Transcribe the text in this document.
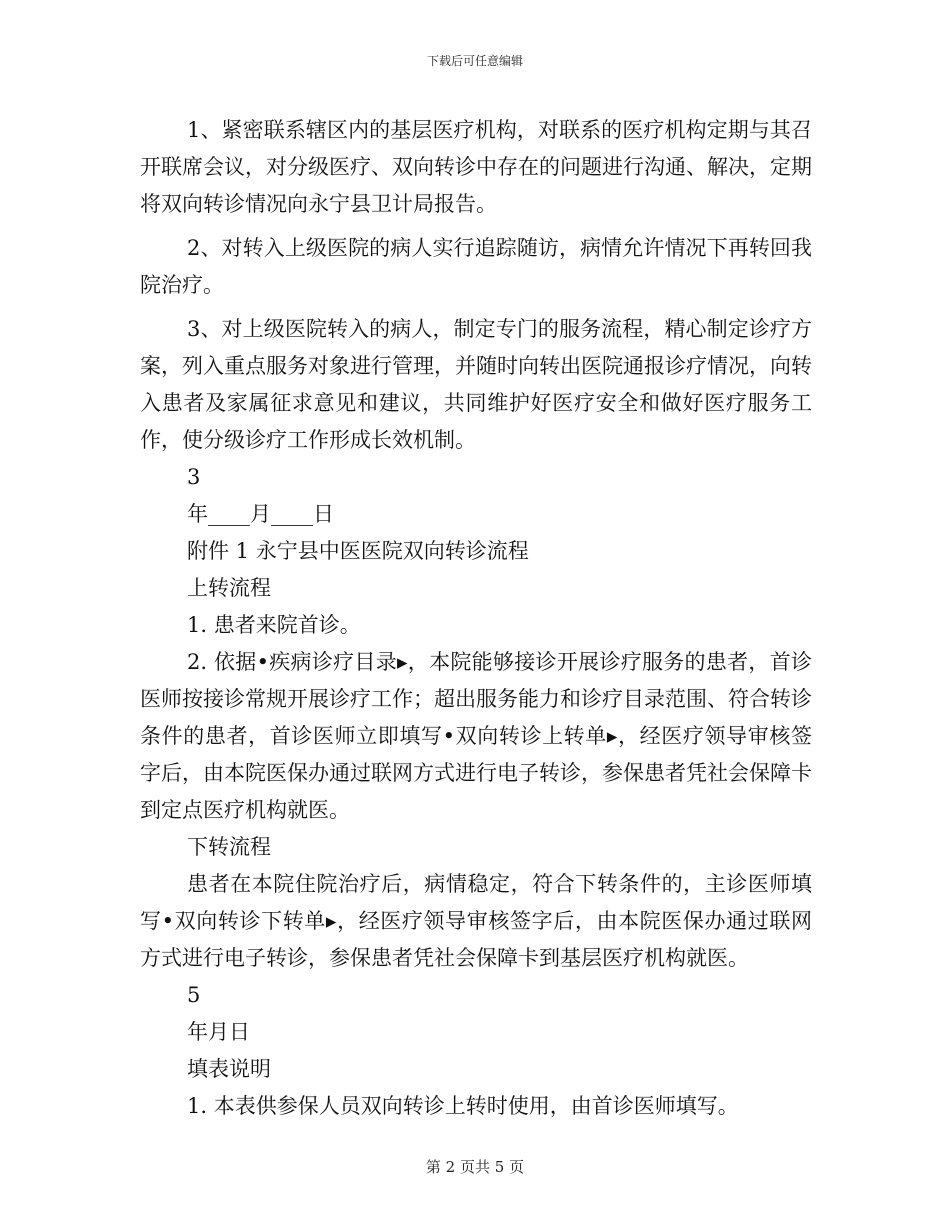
下载后可任意编辑

1、紧密联系辖区内的基层医疗机构，对联系的医疗机构定期与其召开联席会议，对分级医疗、双向转诊中存在的问题进行沟通、解决，定期将双向转诊情况向永宁县卫计局报告。

2、对转入上级医院的病人实行追踪随访，病情允许情况下再转回我院治疗。

3、对上级医院转入的病人，制定专门的服务流程，精心制定诊疗方案，列入重点服务对象进行管理，并随时向转出医院通报诊疗情况，向转入患者及家属征求意见和建议，共同维护好医疗安全和做好医疗服务工作，使分级诊疗工作形成长效机制。

3

年____月____日

附件 1 永宁县中医医院双向转诊流程

上转流程

1. 患者来院首诊。

2. 依据•疾病诊疗目录▸，本院能够接诊开展诊疗服务的患者，首诊医师按接诊常规开展诊疗工作；超出服务能力和诊疗目录范围、符合转诊条件的患者，首诊医师立即填写•双向转诊上转单▸，经医疗领导审核签字后，由本院医保办通过联网方式进行电子转诊，参保患者凭社会保障卡到定点医疗机构就医。

下转流程

患者在本院住院治疗后，病情稳定，符合下转条件的，主诊医师填写•双向转诊下转单▸，经医疗领导审核签字后，由本院医保办通过联网方式进行电子转诊，参保患者凭社会保障卡到基层医疗机构就医。

5

年月日

填表说明

1. 本表供参保人员双向转诊上转时使用，由首诊医师填写。

第 2 页共 5 页
